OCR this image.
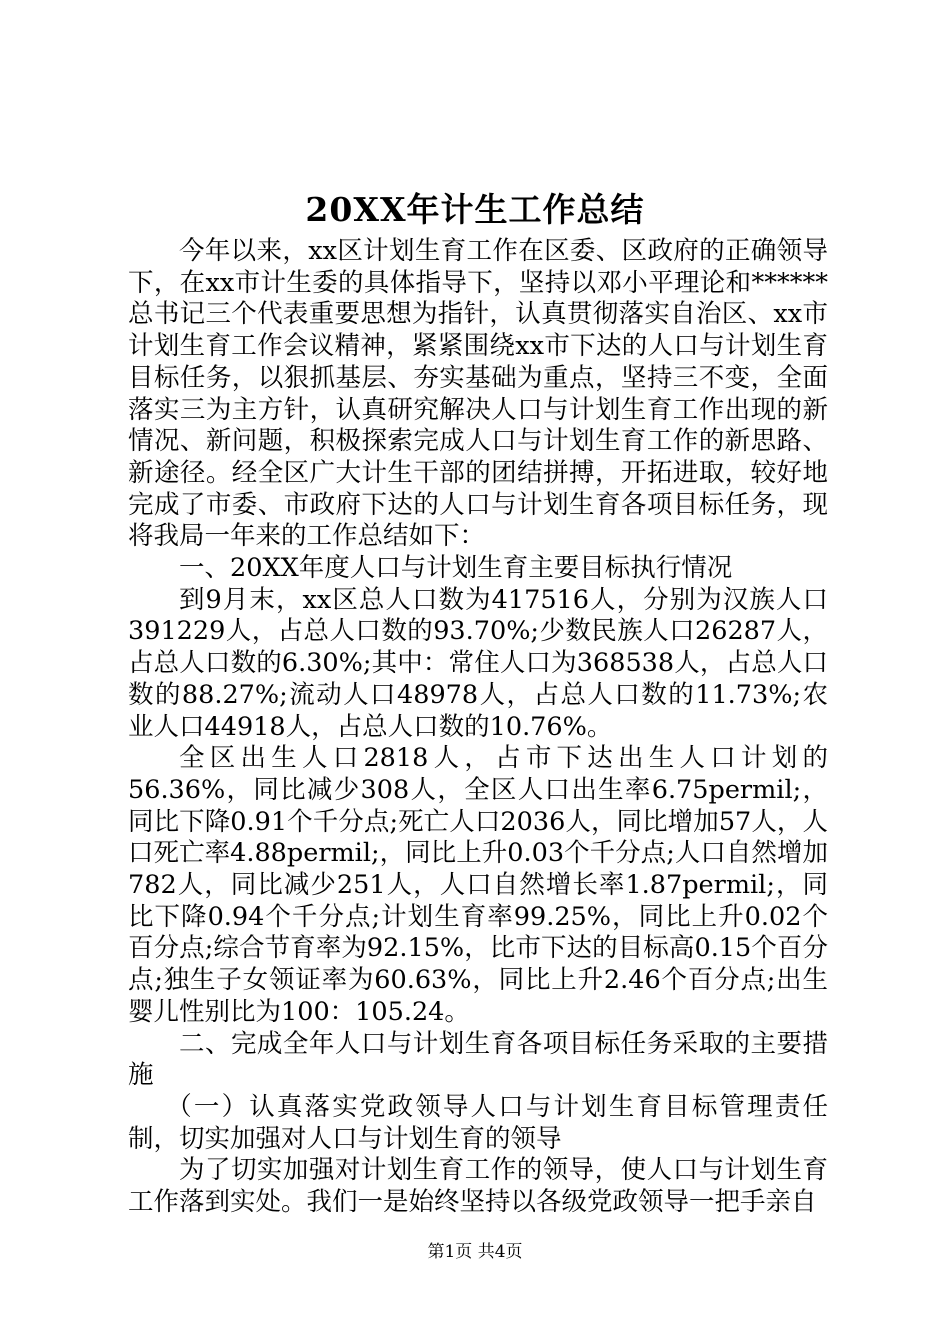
20XX年计生工作总结

今年以来，xx区计划生育工作在区委、区政府的正确领导下，在xx市计生委的具体指导下，坚持以邓小平理论和******总书记三个代表重要思想为指针，认真贯彻落实自治区、xx市计划生育工作会议精神，紧紧围绕xx市下达的人口与计划生育目标任务，以狠抓基层、夯实基础为重点，坚持三不变，全面落实三为主方针，认真研究解决人口与计划生育工作出现的新情况、新问题，积极探索完成人口与计划生育工作的新思路、新途径。经全区广大计生干部的团结拼搏，开拓进取，较好地完成了市委、市政府下达的人口与计划生育各项目标任务，现将我局一年来的工作总结如下：

一、20XX年度人口与计划生育主要目标执行情况

到9月末，xx区总人口数为417516人，分别为汉族人口391229人，占总人口数的93.70%;少数民族人口26287人，占总人口数的6.30%;其中：常住人口为368538人，占总人口数的88.27%;流动人口48978人，占总人口数的11.73%;农业人口44918人，占总人口数的10.76%。

全区出生人口2818人，占市下达出生人口计划的56.36%，同比减少308人，全区人口出生率6.75permil;，同比下降0.91个千分点;死亡人口2036人，同比增加57人，人口死亡率4.88permil;，同比上升0.03个千分点;人口自然增加782人，同比减少251人，人口自然增长率1.87permil;，同比下降0.94个千分点;计划生育率99.25%，同比上升0.02个百分点;综合节育率为92.15%，比市下达的目标高0.15个百分点;独生子女领证率为60.63%，同比上升2.46个百分点;出生婴儿性别比为100：105.24。

二、完成全年人口与计划生育各项目标任务采取的主要措施

（一）认真落实党政领导人口与计划生育目标管理责任制，切实加强对人口与计划生育的领导

为了切实加强对计划生育工作的领导，使人口与计划生育工作落到实处。我们一是始终坚持以各级党政领导一把手亲自

第1页 共4页
